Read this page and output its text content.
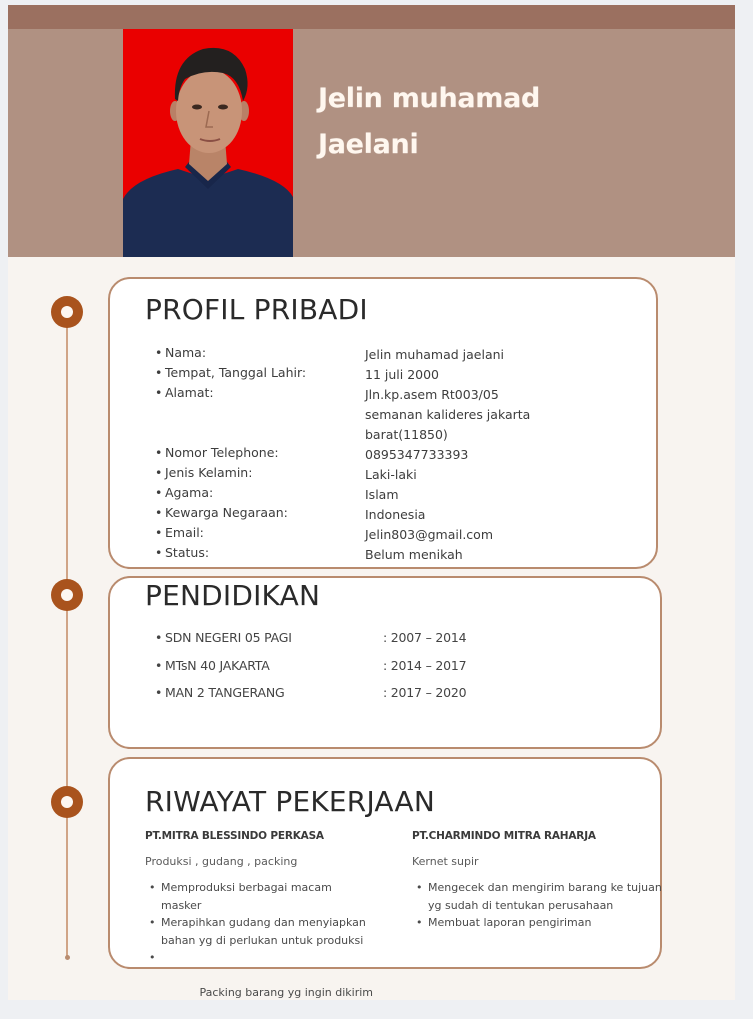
Jelin muhamad
Jaelani
PROFIL PRIBADI
• Nama:	Jelin muhamad jaelani
• Tempat, Tanggal Lahir:	11 juli 2000
• Alamat:	Jln.kp.asem Rt003/05
semanan kalideres jakarta
barat(11850)
• Nomor Telephone:	0895347733393
• Jenis Kelamin:	Laki-laki
• Agama:	Islam
• Kewarga Negaraan:	Indonesia
• Email:	Jelin803@gmail.com
• Status:	Belum menikah
PENDIDIKAN
• SDN NEGERI 05 PAGI	: 2007 – 2014
• MTsN 40 JAKARTA	: 2014 – 2017
• MAN 2 TANGERANG	: 2017 – 2020
RIWAYAT PEKERJAAN
PT.MITRA BLESSINDO PERKASA
Produksi , gudang , packing
• Memproduksi berbagai macam masker
• Merapihkan gudang dan menyiapkan bahan yg di perlukan untuk produksi

•

Packing barang yg ingin dikirim

PT.CHARMINDO MITRA RAHARJA
Kernet supir
• Mengecek dan mengirim barang ke tujuan yg sudah di tentukan perusahaan
• Membuat laporan pengiriman
